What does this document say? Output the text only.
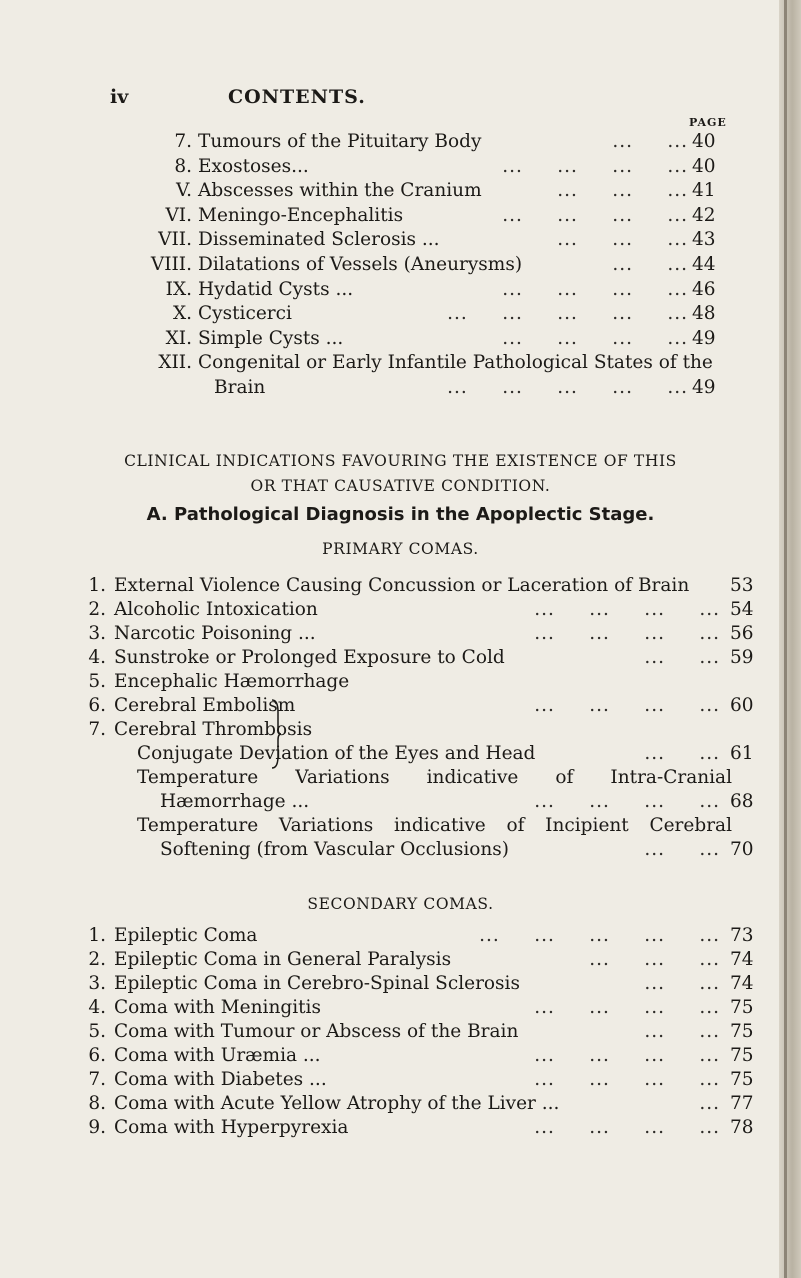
iv	CONTENTS.
PAGE
7. Tumours of the Pituitary Body	...     ... 40
8. Exostoses...	...     ...     ...     ... 40
V. Abscesses within the Cranium	...     ...     ... 41
VI. Meningo-Encephalitis	...     ...     ...     ... 42
VII. Disseminated Sclerosis ...	...     ...     ... 43
VIII. Dilatations of Vessels (Aneurysms)	...     ... 44
IX. Hydatid Cysts ...	...     ...     ...     ... 46
X. Cysticerci	...     ...     ...     ...     ... 48
XI. Simple Cysts ...	...     ...     ...     ... 49
XII. Congenital or Early Infantile Pathological States of the
Brain	...     ...     ...     ...     ... 49
CLINICAL INDICATIONS FAVOURING THE EXISTENCE OF THIS
OR THAT CAUSATIVE CONDITION.
A. Pathological Diagnosis in the Apoplectic Stage.
PRIMARY COMAS.
1. External Violence Causing Concussion or Laceration of Brain 53
2. Alcoholic Intoxication	...     ...     ...     ... 54
3. Narcotic Poisoning ...	...     ...     ...     ... 56
4. Sunstroke or Prolonged Exposure to Cold	...     ... 59
5. Encephalic Hæmorrhage
6. Cerebral Embolism	...     ...     ...     ... 60
7. Cerebral Thrombosis
Conjugate Deviation of the Eyes and Head	...     ... 61
Temperature Variations indicative of Intra-Cranial
Hæmorrhage ...	...     ...     ...     ... 68
Temperature Variations indicative of Incipient Cerebral
Softening (from Vascular Occlusions)	...     ... 70
SECONDARY COMAS.
1. Epileptic Coma	...     ...     ...     ...     ... 73
2. Epileptic Coma in General Paralysis	...     ...     ... 74
3. Epileptic Coma in Cerebro-Spinal Sclerosis	...     ... 74
4. Coma with Meningitis	...     ...     ...     ... 75
5. Coma with Tumour or Abscess of the Brain	...     ... 75
6. Coma with Uræmia ...	...     ...     ...     ... 75
7. Coma with Diabetes ...	...     ...     ...     ... 75
8. Coma with Acute Yellow Atrophy of the Liver ...	... 77
9. Coma with Hyperpyrexia	...     ...     ...     ... 78
